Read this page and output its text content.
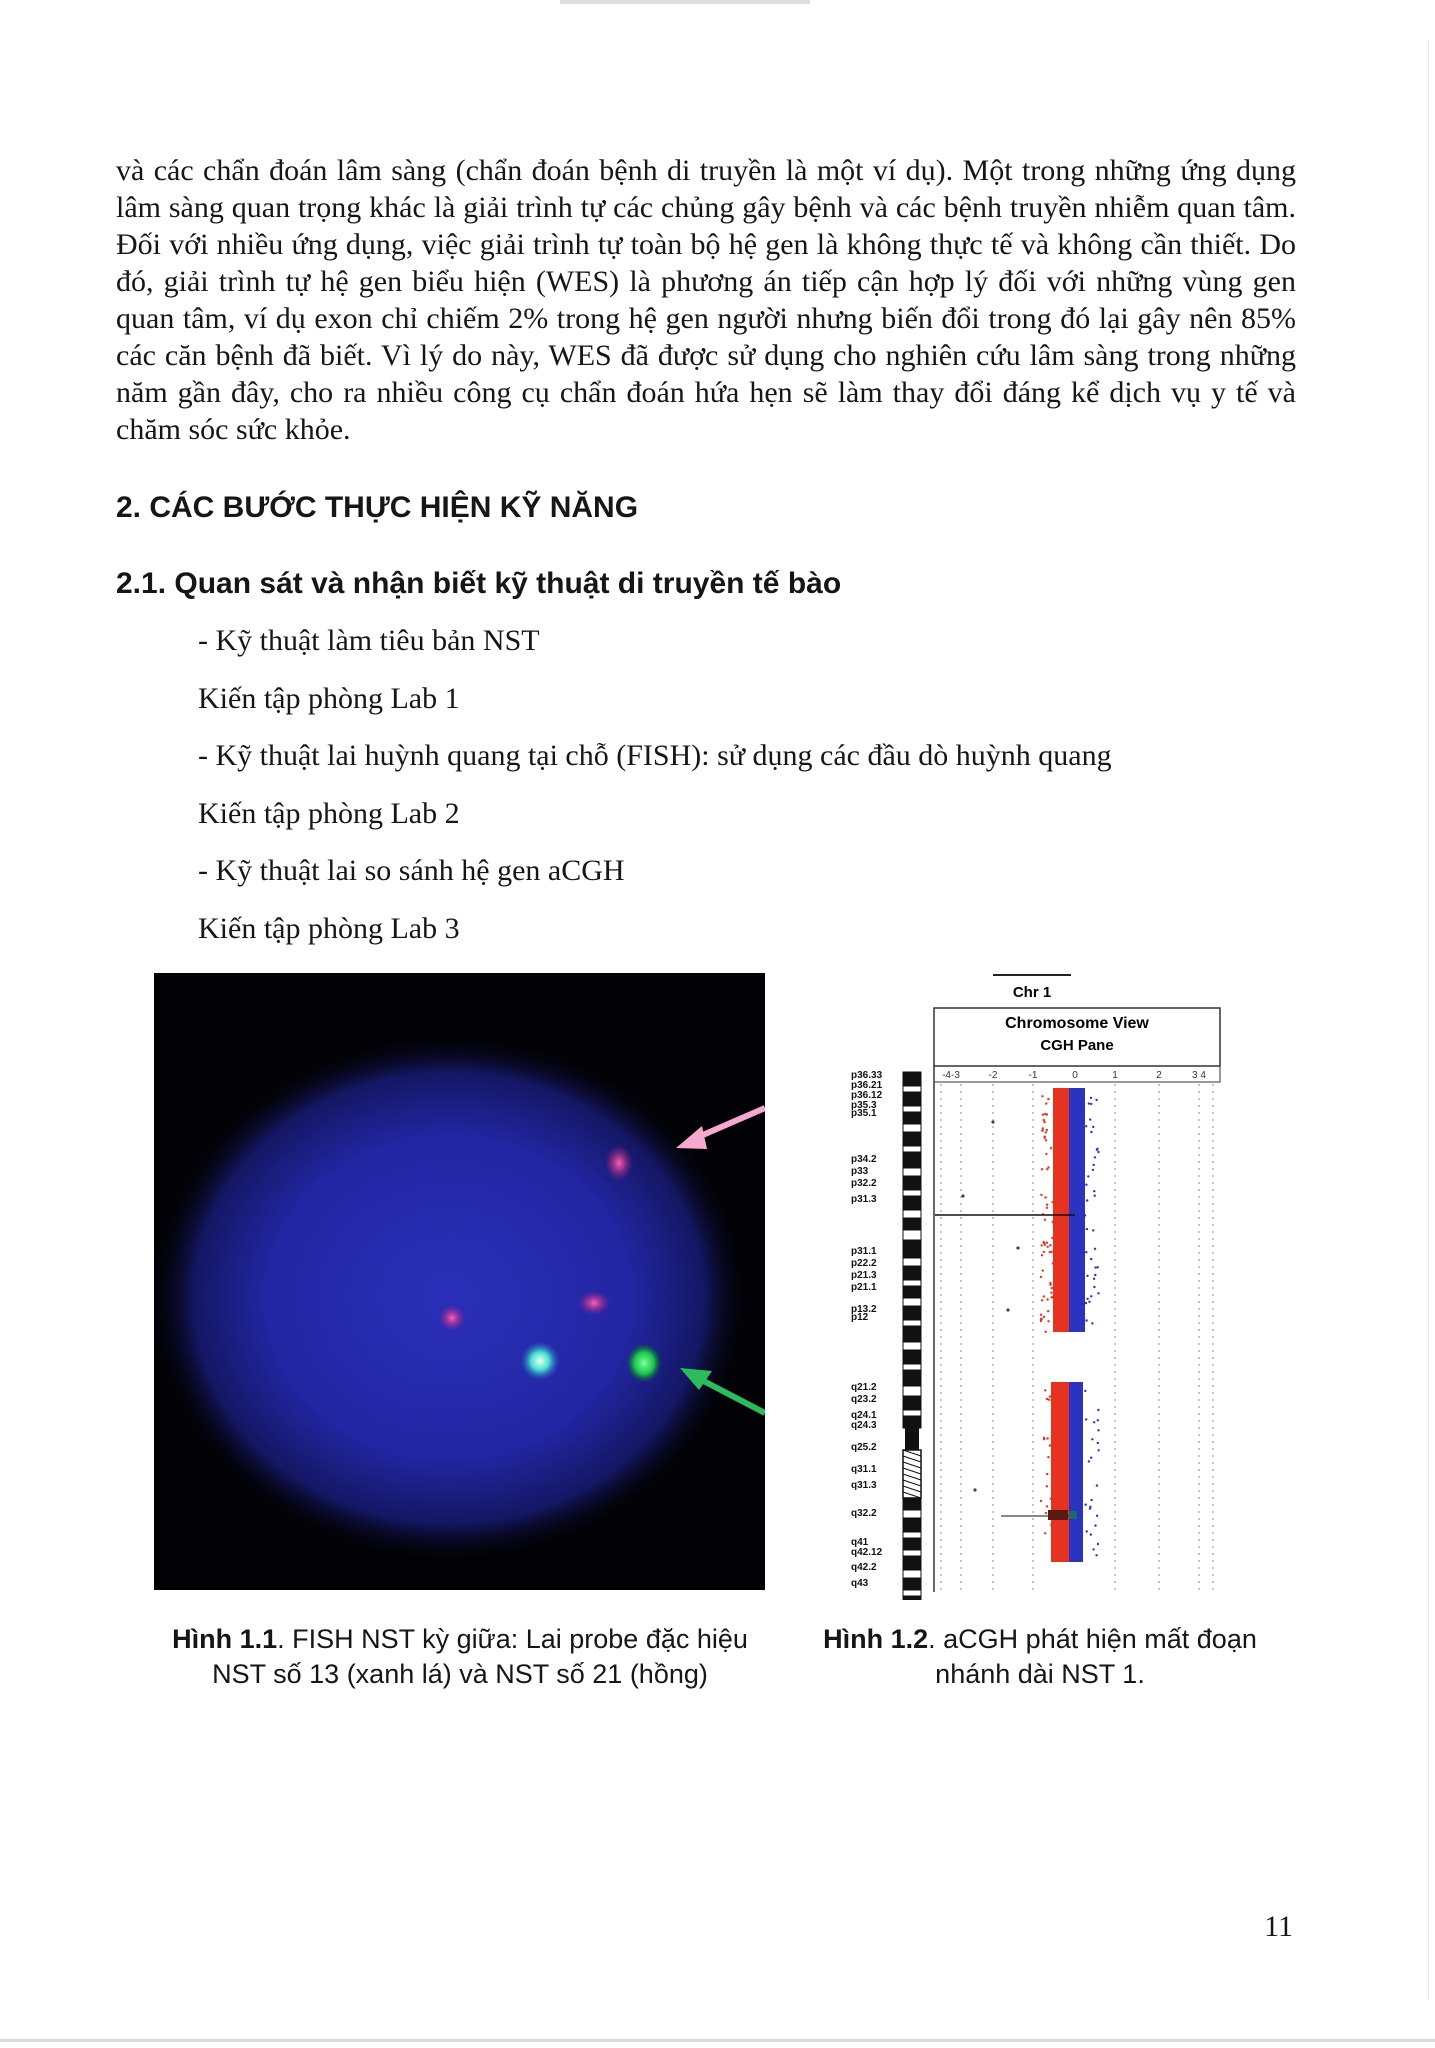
và các chẩn đoán lâm sàng (chẩn đoán bệnh di truyền là một ví dụ). Một trong những ứng dụng lâm sàng quan trọng khác là giải trình tự các chủng gây bệnh và các bệnh truyền nhiễm quan tâm. Đối với nhiều ứng dụng, việc giải trình tự toàn bộ hệ gen là không thực tế và không cần thiết. Do đó, giải trình tự hệ gen biểu hiện (WES) là phương án tiếp cận hợp lý đối với những vùng gen quan tâm, ví dụ exon chỉ chiếm 2% trong hệ gen người nhưng biến đổi trong đó lại gây nên 85% các căn bệnh đã biết. Vì lý do này, WES đã được sử dụng cho nghiên cứu lâm sàng trong những năm gần đây, cho ra nhiều công cụ chẩn đoán hứa hẹn sẽ làm thay đổi đáng kể dịch vụ y tế và chăm sóc sức khỏe.

2. CÁC BƯỚC THỰC HIỆN KỸ NĂNG
2.1. Quan sát và nhận biết kỹ thuật di truyền tế bào
- Kỹ thuật làm tiêu bản NST
Kiến tập phòng Lab 1
- Kỹ thuật lai huỳnh quang tại chỗ (FISH): sử dụng các đầu dò huỳnh quang
Kiến tập phòng Lab 2
- Kỹ thuật lai so sánh hệ gen aCGH
Kiến tập phòng Lab 3
Chr 1
Chromosome View
CGH Pane
-4-3	-2	-1	0	1	2	3 4
p36.33
p36.21
p36.12
p35.3
p35.1
p34.2
p33
p32.2
p31.3
p31.1
p22.2
p21.3
p21.1
p13.2
p12
q21.2
q23.2
q24.1
q24.3
q25.2
q31.1
q31.3
q32.2
q41
q42.12
q42.2
q43

Hình 1.1. FISH NST kỳ giữa: Lai probe đặc hiệu NST số 13 (xanh lá) và NST số 21 (hồng)

Hình 1.2. aCGH phát hiện mất đoạn nhánh dài NST 1.

11
